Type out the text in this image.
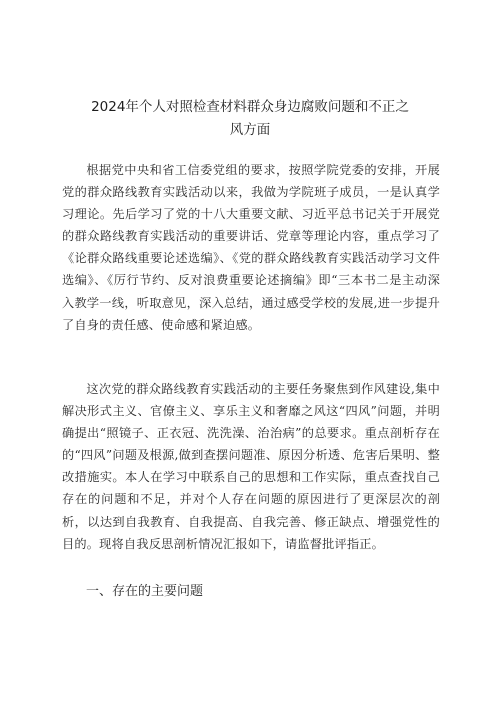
2024年个人对照检查材料群众身边腐败问题和不正之
风方面

根据党中央和省工信委党组的要求，按照学院党委的安排，开展党的群众路线教育实践活动以来，我做为学院班子成员，一是认真学习理论。先后学习了党的十八大重要文献、习近平总书记关于开展党的群众路线教育实践活动的重要讲话、党章等理论内容，重点学习了《论群众路线重要论述选编》、《党的群众路线教育实践活动学习文件选编》、《厉行节约、反对浪费重要论述摘编》即“三本书二是主动深入教学一线，听取意见，深入总结，通过感受学校的发展,进一步提升了自身的责任感、使命感和紧迫感。

这次党的群众路线教育实践活动的主要任务聚焦到作风建设,集中解决形式主义、官僚主义、享乐主义和奢靡之风这“四风”问题，并明确提出“照镜子、正衣冠、洗洗澡、治治病”的总要求。重点剖析存在的“四风”问题及根源,做到查摆问题准、原因分析透、危害后果明、整改措施实。本人在学习中联系自己的思想和工作实际，重点查找自己存在的问题和不足，并对个人存在问题的原因进行了更深层次的剖析，以达到自我教育、自我提高、自我完善、修正缺点、增强党性的目的。现将自我反思剖析情况汇报如下，请监督批评指正。

一、存在的主要问题
